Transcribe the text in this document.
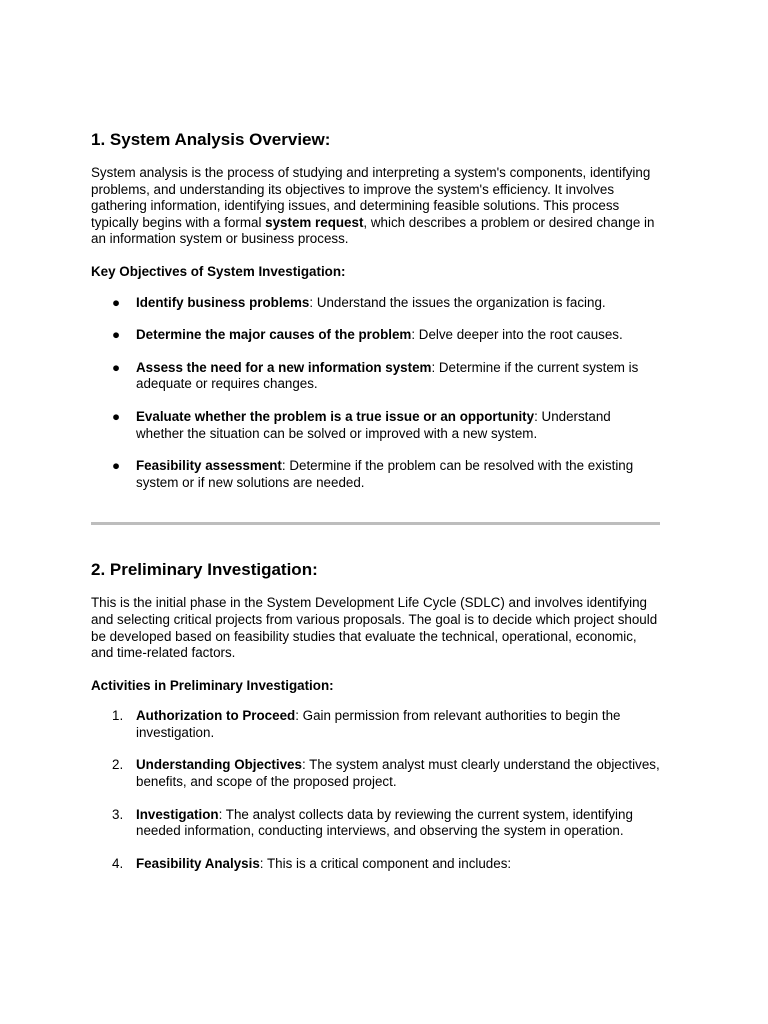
1. System Analysis Overview:

System analysis is the process of studying and interpreting a system's components, identifying problems, and understanding its objectives to improve the system's efficiency. It involves gathering information, identifying issues, and determining feasible solutions. This process typically begins with a formal system request, which describes a problem or desired change in an information system or business process.

Key Objectives of System Investigation:

● Identify business problems: Understand the issues the organization is facing.
● Determine the major causes of the problem: Delve deeper into the root causes.
● Assess the need for a new information system: Determine if the current system is adequate or requires changes.
● Evaluate whether the problem is a true issue or an opportunity: Understand whether the situation can be solved or improved with a new system.
● Feasibility assessment: Determine if the problem can be resolved with the existing system or if new solutions are needed.
2. Preliminary Investigation:

This is the initial phase in the System Development Life Cycle (SDLC) and involves identifying and selecting critical projects from various proposals. The goal is to decide which project should be developed based on feasibility studies that evaluate the technical, operational, economic, and time-related factors.

Activities in Preliminary Investigation:

1. Authorization to Proceed: Gain permission from relevant authorities to begin the investigation.
2. Understanding Objectives: The system analyst must clearly understand the objectives, benefits, and scope of the proposed project.
3. Investigation: The analyst collects data by reviewing the current system, identifying needed information, conducting interviews, and observing the system in operation.
4. Feasibility Analysis: This is a critical component and includes:
